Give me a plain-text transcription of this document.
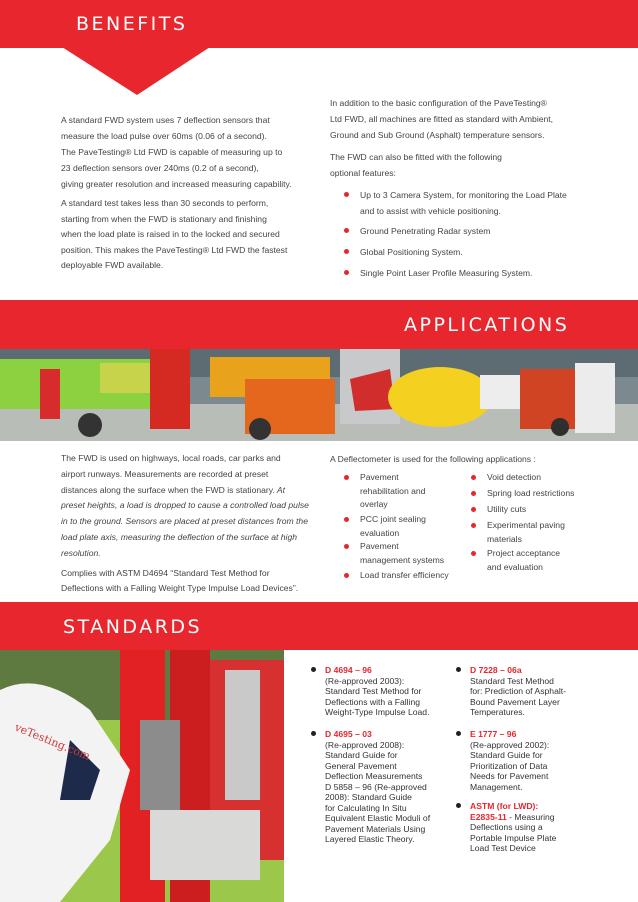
BENEFITS
A standard FWD system uses 7 deflection sensors that
measure the load pulse over 60ms (0.06 of a second).
The PaveTesting® Ltd FWD is capable of measuring up to
23 deflection sensors over 240ms (0.2 of a second),
giving greater resolution and increased measuring capability.
A standard test takes less than 30 seconds to perform,
starting from when the FWD is stationary and finishing
when the load plate is raised in to the locked and secured
position. This makes the PaveTesting® Ltd FWD the fastest
deployable FWD available.
In addition to the basic configuration of the PaveTesting®
Ltd FWD, all machines are fitted as standard with Ambient,
Ground and Sub Ground (Asphalt) temperature sensors.
The FWD can also be fitted with the following
optional features:
Up to 3 Camera System, for monitoring the Load Plate
and to assist with vehicle positioning.
Ground Penetrating Radar system
Global Positioning System.
Single Point Laser Profile Measuring System.
APPLICATIONS
The FWD is used on highways, local roads, car parks and
airport runways. Measurements are recorded at preset
distances along the surface when the FWD is stationary. At
preset heights, a load is dropped to cause a controlled load pulse
in to the ground. Sensors are placed at preset distances from the
load plate axis, measuring the deflection of the surface at high
resolution.
Complies with ASTM D4694 “Standard Test Method for
Deflections with a Falling Weight Type Impulse Load Devices”.
A Deflectometer is used for the following applications :
Pavement
rehabilitation and
overlay
PCC joint sealing
evaluation
Pavement
management systems
Load transfer efficiency
Void detection
Spring load restrictions
Utility cuts
Experimental paving
materials
Project acceptance
and evaluation
STANDARDS
veTesting.com
D 4694 – 96
(Re-approved 2003):
Standard Test Method for
Deflections with a Falling
Weight-Type Impulse Load.
D 4695 – 03
(Re-approved 2008):
Standard Guide for
General Pavement
Deflection Measurements
D 5858 – 96 (Re-approved
2008): Standard Guide
for Calculating In Situ
Equivalent Elastic Moduli of
Pavement Materials Using
Layered Elastic Theory.
D 7228 – 06a
Standard Test Method
for: Prediction of Asphalt-
Bound Pavement Layer
Temperatures.
E 1777 – 96
(Re-approved 2002):
Standard Guide for
Prioritization of Data
Needs for Pavement
Management.
ASTM (for LWD):
E2835-11 - Measuring
Deflections using a
Portable Impulse Plate
Load Test Device
